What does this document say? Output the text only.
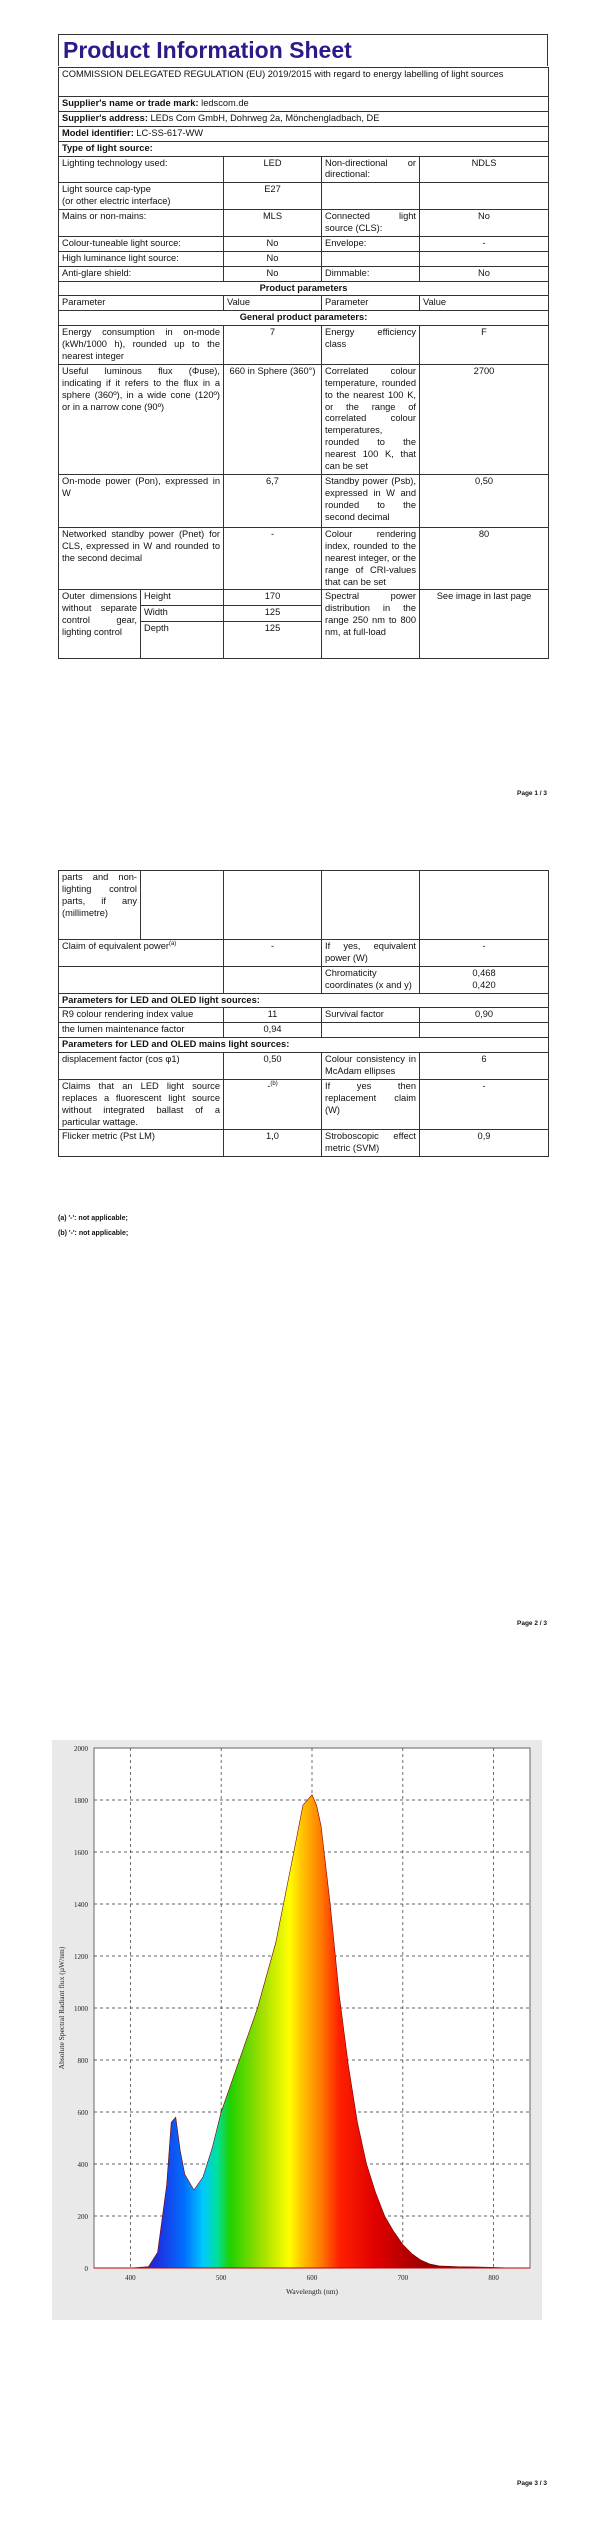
Product Information Sheet
COMMISSION DELEGATED REGULATION (EU) 2019/2015 with regard to energy labelling of light sources				
Supplier's name or trade mark: ledscom.de				
Supplier's address: LEDs Com GmbH, Dohrweg 2a, Mönchengladbach, DE				
Model identifier: LC-SS-617-WW				
Type of light source:				
Lighting technology used:		LED	Non-directional or directional:	NDLS
Light source cap-type
(or other electric interface)		E27		
Mains or non-mains:		MLS	Connected light source (CLS):	No
Colour-tuneable light source:		No	Envelope:	-
High luminance light source:		No		
Anti-glare shield:		No	Dimmable:	No
Product parameters				
Parameter		Value	Parameter	Value
General product parameters:				
Energy consumption in on-mode (kWh/1000 h), rounded up to the nearest integer		7	Energy efficiency class	F
Useful luminous flux (Φuse), indicating if it refers to the flux in a sphere (360º), in a wide cone (120º) or in a narrow cone (90º)		660 in Sphere (360°)	Correlated colour temperature, rounded to the nearest 100 K, or the range of correlated colour temperatures, rounded to the nearest 100 K, that can be set	2700
On-mode power (Pon), expressed in W		6,7	Standby power (Psb), expressed in W and rounded to the second decimal	0,50
Networked standby power (Pnet) for CLS, expressed in W and rounded to the second decimal		-	Colour rendering index, rounded to the nearest integer, or the range of CRI-values that can be set	80
Outer dimensions without separate control gear, lighting control	Height	170	Spectral power distribution in the range 250 nm to 800 nm, at full-load	See image in last page
	Width	125		
	Depth	125		
Page 1 / 3
parts and non-lighting control parts, if any (millimetre)				
Claim of equivalent power$^{(a)}$		-	If yes, equivalent power (W)	-
			Chromaticity coordinates (x and y)	0,468
0,420
Parameters for LED and OLED light sources:				
R9 colour rendering index value		11	Survival factor	0,90
the lumen maintenance factor		0,94		
Parameters for LED and OLED mains light sources:				
displacement factor (cos φ1)		0,50	Colour consistency in McAdam ellipses	6
Claims that an LED light source replaces a fluorescent light source without integrated ballast of a particular wattage.		-$^{(b)}$	If yes then replacement claim (W)	-
Flicker metric (Pst LM)		1,0	Stroboscopic effect metric (SVM)	0,9
(a) '-': not applicable;
(b) '-': not applicable;
Page 2 / 3
0
200
400
600
800
1000
1200
1400
1600
1800
2000
400	500	600	700	800
Wavelength (nm)
Absolute Spectral Radiant flux (µW/nm)
Page 3 / 3
